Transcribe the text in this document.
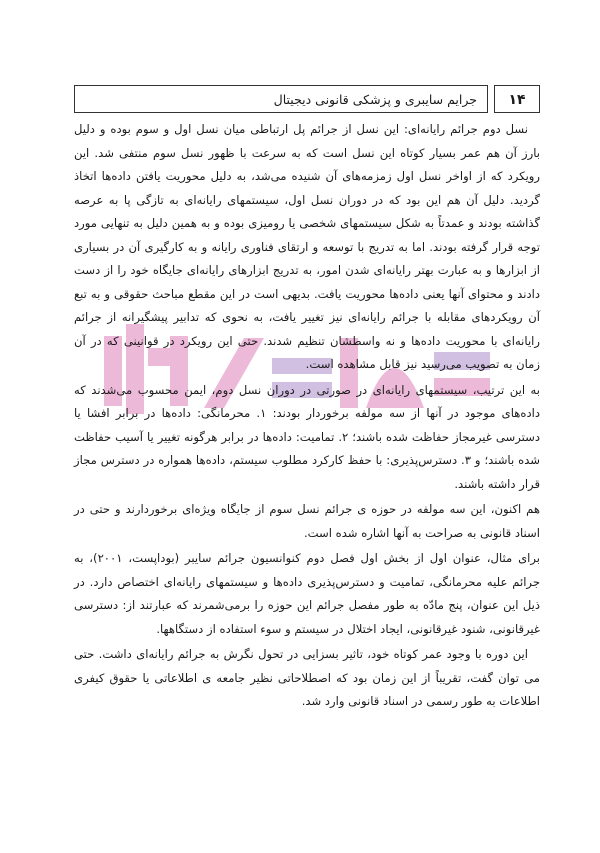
جرایم سایبری و پزشکی قانونی دیجیتال	۱۴

نسل دوم جرائم رایانه‌ای: این نسل از جرائم پل ارتباطی میان نسل اول و سوم بوده و دلیل بارز آن هم عمر بسیار کوتاه این نسل است که به سرعت با ظهور نسل سوم منتفی شد. این رویکرد که از اواخر نسل اول زمزمه‌های آن شنیده می‌شد، به دلیل محوریت یافتن داده‌ها اتخاذ گردید. دلیل آن هم این بود که در دوران نسل اول، سیستمهای رایانه‌ای به تازگی پا به عرصه گذاشته بودند و عمدتاً به شکل سیستمهای شخصی یا رومیزی بوده و به همین دلیل به تنهایی مورد توجه قرار گرفته بودند. اما به تدریج با توسعه و ارتقای فناوری رایانه و به کارگیری آن در بسیاری از ابزارها و به عبارت بهتر رایانه‌ای شدن امور، به تدریج ابزارهای رایانه‌ای جایگاه خود را از دست دادند و محتوای آنها یعنی داده‌ها محوریت یافت. بدیهی است در این مقطع مباحث حقوقی و به تبع آن رویکردهای مقابله با جرائم رایانه‌ای نیز تغییر یافت، به نحوی که تدابیر پیشگیرانه از جرائم رایانه‌ای با محوریت داده‌ها و نه واسطشان تنظیم شدند. حتی این رویکرد در قوانینی که در آن زمان به تصویب می‌رسید نیز قابل مشاهده است.

به این ترتیب، سیستمهای رایانه‌ای در صورتی در دوران نسل دوم، ایمن محسوب می‌شدند که داده‌های موجود در آنها از سه مولفه برخوردار بودند: ۱. محرمانگی: داده‌ها در برابر افشا یا دسترسی غیرمجاز حفاظت شده باشند؛ ۲. تمامیت: داده‌ها در برابر هرگونه تغییر یا آسیب حفاظت شده باشند؛ و ۳. دسترس‌پذیری: با حفظ کارکرد مطلوب سیستم، داده‌ها همواره در دسترس مجاز قرار داشته باشند.

هم اکنون، این سه مولفه در حوزه ی جرائم نسل سوم از جایگاه ویژه‌ای برخوردارند و حتی در اسناد قانونی به صراحت به آنها اشاره شده است.

برای مثال، عنوان اول از بخش اول فصل دوم کنوانسیون جرائم سایبر (بوداپست، ۲۰۰۱)، به جرائم علیه محرمانگی، تمامیت و دسترس‌پذیری داده‌ها و سیستمهای رایانه‌ای اختصاص دارد. در ذیل این عنوان، پنج مادّه به طور مفصل جرائم این حوزه را برمی‌شمرند که عبارتند از: دسترسی غیرقانونی، شنود غیرقانونی، ایجاد اختلال در سیستم و سوء استفاده از دستگاهها.

این دوره با وجود عمر کوتاه خود، تاثیر بسزایی در تحول نگرش به جرائم رایانه‌ای داشت. حتی می توان گفت، تقریباً از این زمان بود که اصطلاحاتی نظیر جامعه ی اطلاعاتی یا حقوق کیفری اطلاعات به طور رسمی در اسناد قانونی وارد شد.
